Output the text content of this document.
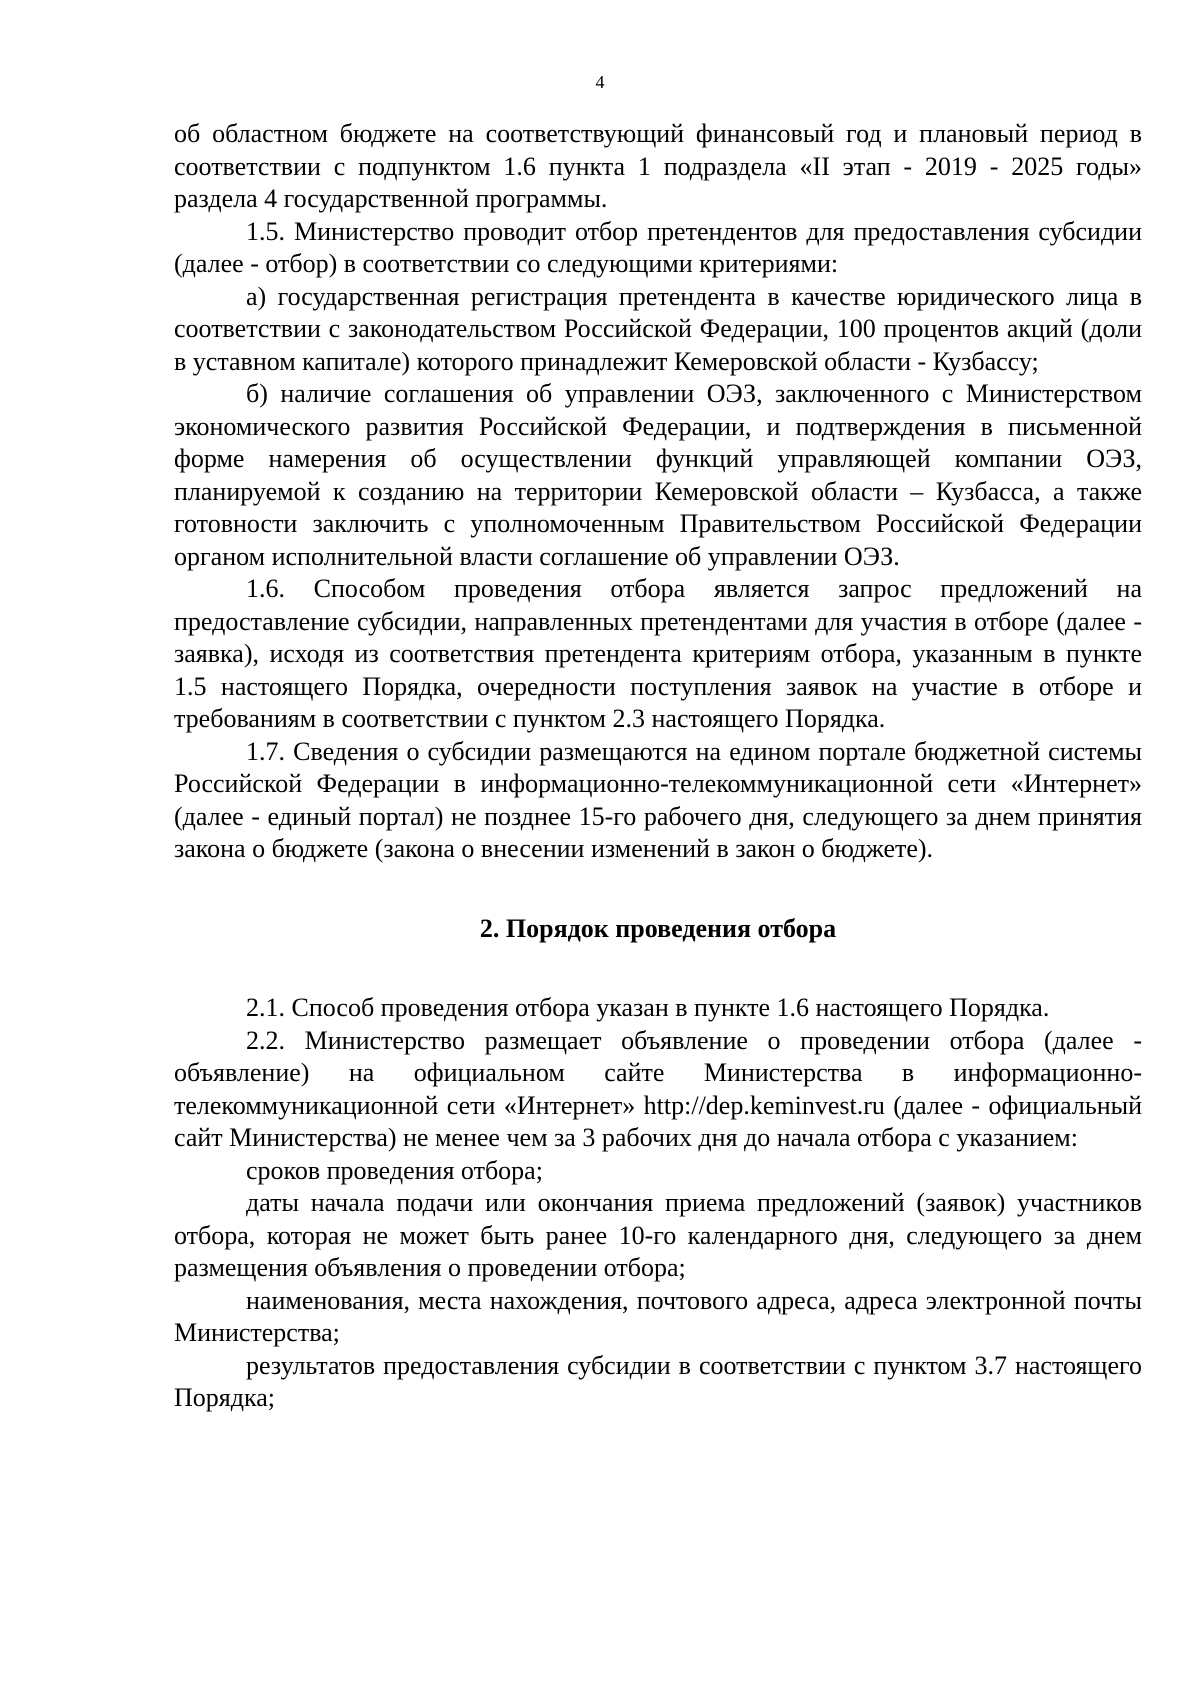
4

об областном бюджете на соответствующий финансовый год и плановый период в соответствии с подпунктом 1.6 пункта 1 подраздела «II этап - 2019 - 2025 годы» раздела 4 государственной программы.

1.5. Министерство проводит отбор претендентов для предоставления субсидии (далее - отбор) в соответствии со следующими критериями:

а) государственная регистрация претендента в качестве юридического лица в соответствии с законодательством Российской Федерации, 100 процентов акций (доли в уставном капитале) которого принадлежит Кемеровской области - Кузбассу;

б) наличие соглашения об управлении ОЭЗ, заключенного с Министерством экономического развития Российской Федерации, и подтверждения в письменной форме намерения об осуществлении функций управляющей компании ОЭЗ, планируемой к созданию на территории Кемеровской области – Кузбасса, а также готовности заключить с уполномоченным Правительством Российской Федерации органом исполнительной власти соглашение об управлении ОЭЗ.

1.6. Способом проведения отбора является запрос предложений на предоставление субсидии, направленных претендентами для участия в отборе (далее - заявка), исходя из соответствия претендента критериям отбора, указанным в пункте 1.5 настоящего Порядка, очередности поступления заявок на участие в отборе и требованиям в соответствии с пунктом 2.3 настоящего Порядка.

1.7. Сведения о субсидии размещаются на едином портале бюджетной системы Российской Федерации в информационно-телекоммуникационной сети «Интернет» (далее - единый портал) не позднее 15-го рабочего дня, следующего за днем принятия закона о бюджете (закона о внесении изменений в закон о бюджете).

2. Порядок проведения отбора

2.1. Способ проведения отбора указан в пункте 1.6 настоящего Порядка.

2.2. Министерство размещает объявление о проведении отбора (далее - объявление) на официальном сайте Министерства в информационно-телекоммуникационной сети «Интернет» http://dep.keminvest.ru (далее - официальный сайт Министерства) не менее чем за 3 рабочих дня до начала отбора с указанием:

сроков проведения отбора;

даты начала подачи или окончания приема предложений (заявок) участников отбора, которая не может быть ранее 10-го календарного дня, следующего за днем размещения объявления о проведении отбора;

наименования, места нахождения, почтового адреса, адреса электронной почты Министерства;

результатов предоставления субсидии в соответствии с пунктом 3.7 настоящего Порядка;
